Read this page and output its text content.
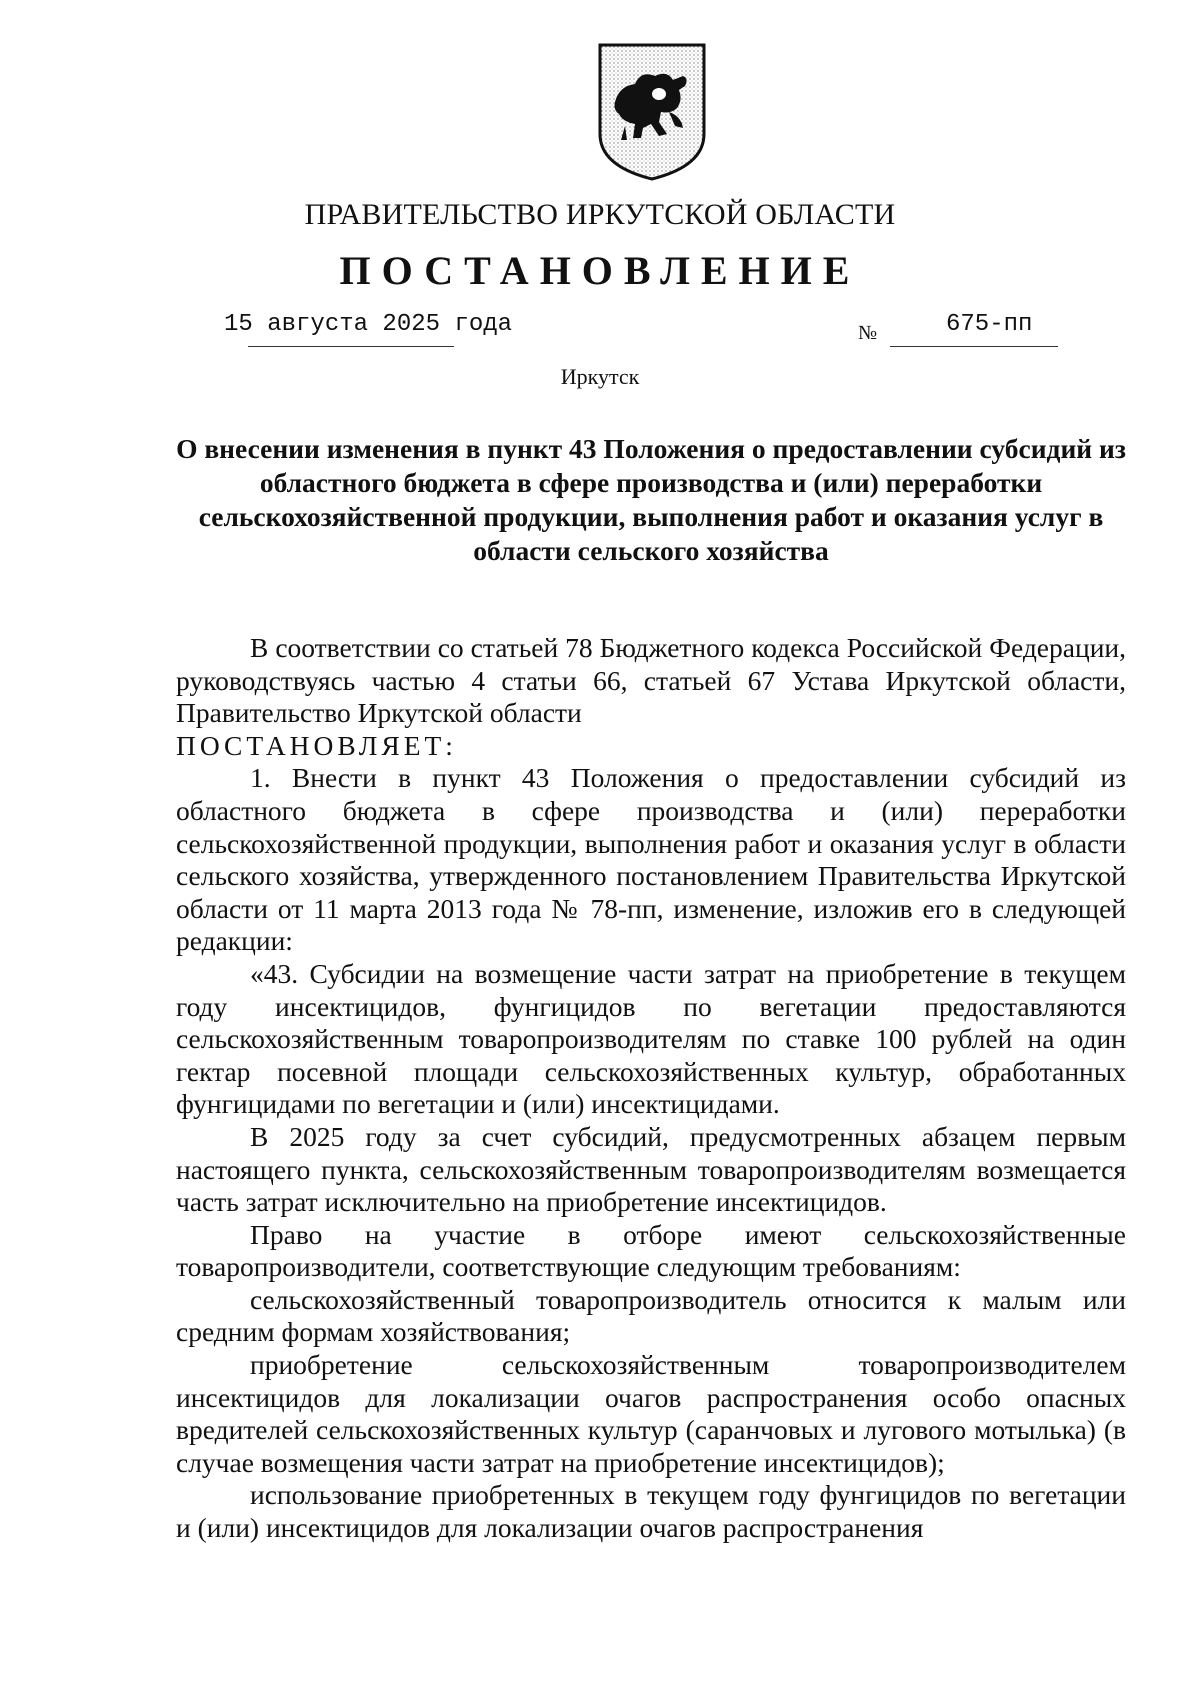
ПРАВИТЕЛЬСТВО ИРКУТСКОЙ ОБЛАСТИ
ПОСТАНОВЛЕНИЕ
15 августа 2025 года	№	675-пп
Иркутск
О внесении изменения в пункт 43 Положения о предоставлении субсидий из областного бюджета в сфере производства и (или) переработки сельскохозяйственной продукции, выполнения работ и оказания услуг в области сельского хозяйства

В соответствии со статьей 78 Бюджетного кодекса Российской Федерации, руководствуясь частью 4 статьи 66, статьей 67 Устава Иркутской области, Правительство Иркутской области

ПОСТАНОВЛЯЕТ:

1. Внести в пункт 43 Положения о предоставлении субсидий из областного бюджета в сфере производства и (или) переработки сельскохозяйственной продукции, выполнения работ и оказания услуг в области сельского хозяйства, утвержденного постановлением Правительства Иркутской области от 11 марта 2013 года № 78-пп, изменение, изложив его в следующей редакции:

«43. Субсидии на возмещение части затрат на приобретение в текущем году инсектицидов, фунгицидов по вегетации предоставляются сельскохозяйственным товаропроизводителям по ставке 100 рублей на один гектар посевной площади сельскохозяйственных культур, обработанных фунгицидами по вегетации и (или) инсектицидами.

В 2025 году за счет субсидий, предусмотренных абзацем первым настоящего пункта, сельскохозяйственным товаропроизводителям возмещается часть затрат исключительно на приобретение инсектицидов.

Право на участие в отборе имеют сельскохозяйственные товаропроизводители, соответствующие следующим требованиям:

сельскохозяйственный товаропроизводитель относится к малым или средним формам хозяйствования;

приобретение сельскохозяйственным товаропроизводителем инсектицидов для локализации очагов распространения особо опасных вредителей сельскохозяйственных культур (саранчовых и лугового мотылька) (в случае возмещения части затрат на приобретение инсектицидов);

использование приобретенных в текущем году фунгицидов по вегетации и (или) инсектицидов для локализации очагов распространения
